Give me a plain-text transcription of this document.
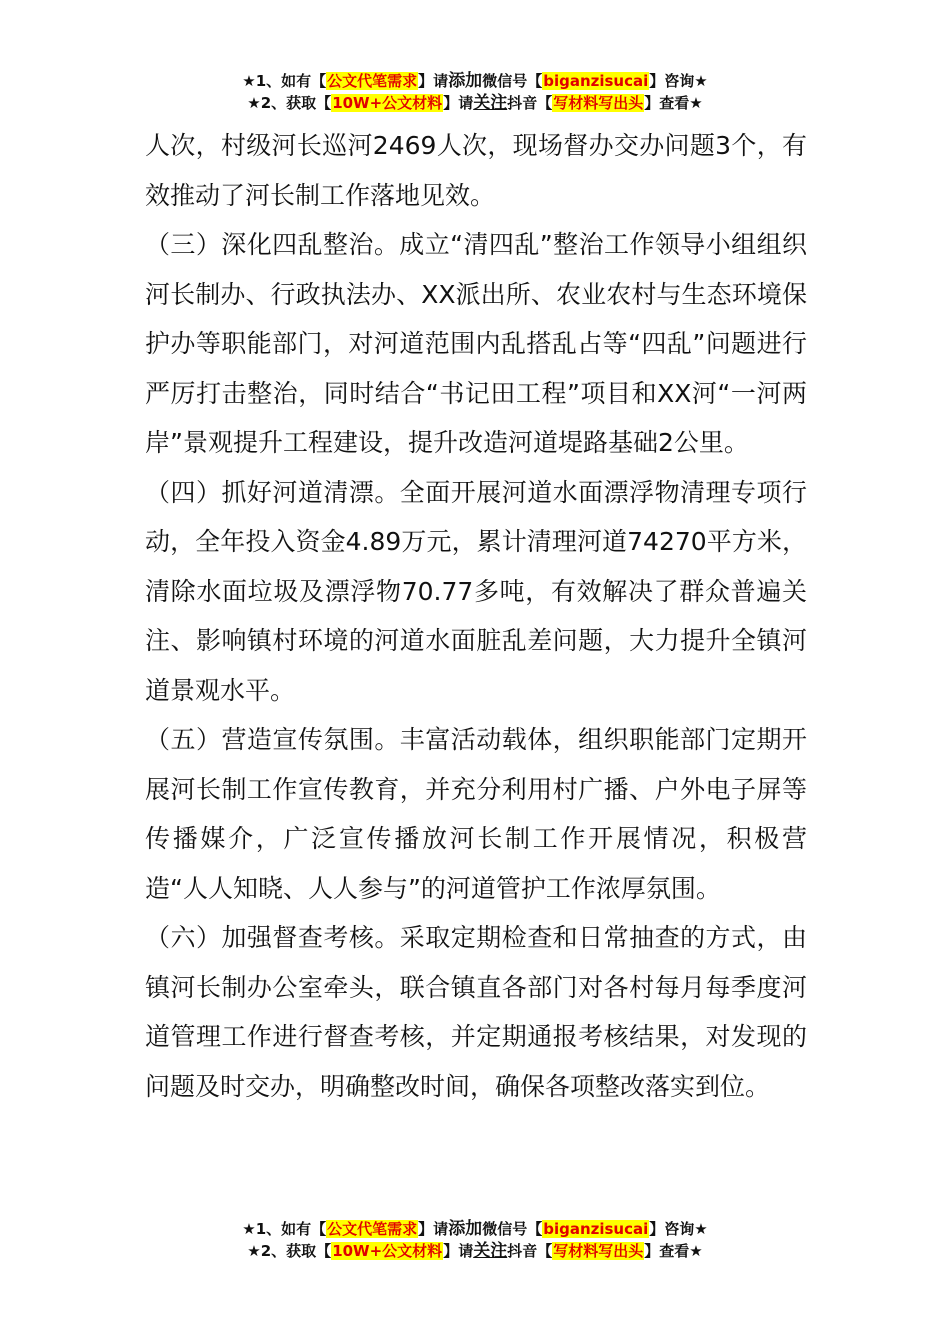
★1、如有【公文代笔需求】请添加微信号【biganzisucai】咨询★
★2、获取【10W+公文材料】请关注抖音【写材料写出头】查看★

人次，村级河长巡河2469人次，现场督办交办问题3个，有效推动了河长制工作落地见效。

（三）深化四乱整治。成立“清四乱”整治工作领导小组组织河长制办、行政执法办、XX派出所、农业农村与生态环境保护办等职能部门，对河道范围内乱搭乱占等“四乱”问题进行严厉打击整治，同时结合“书记田工程”项目和XX河“一河两岸”景观提升工程建设，提升改造河道堤路基础2公里。

（四）抓好河道清漂。全面开展河道水面漂浮物清理专项行动，全年投入资金4.89万元，累计清理河道74270平方米，清除水面垃圾及漂浮物70.77多吨，有效解决了群众普遍关注、影响镇村环境的河道水面脏乱差问题，大力提升全镇河道景观水平。

（五）营造宣传氛围。丰富活动载体，组织职能部门定期开展河长制工作宣传教育，并充分利用村广播、户外电子屏等传播媒介，广泛宣传播放河长制工作开展情况，积极营造“人人知晓、人人参与”的河道管护工作浓厚氛围。

（六）加强督查考核。采取定期检查和日常抽查的方式，由镇河长制办公室牵头，联合镇直各部门对各村每月每季度河道管理工作进行督查考核，并定期通报考核结果，对发现的问题及时交办，明确整改时间，确保各项整改落实到位。

★1、如有【公文代笔需求】请添加微信号【biganzisucai】咨询★
★2、获取【10W+公文材料】请关注抖音【写材料写出头】查看★
